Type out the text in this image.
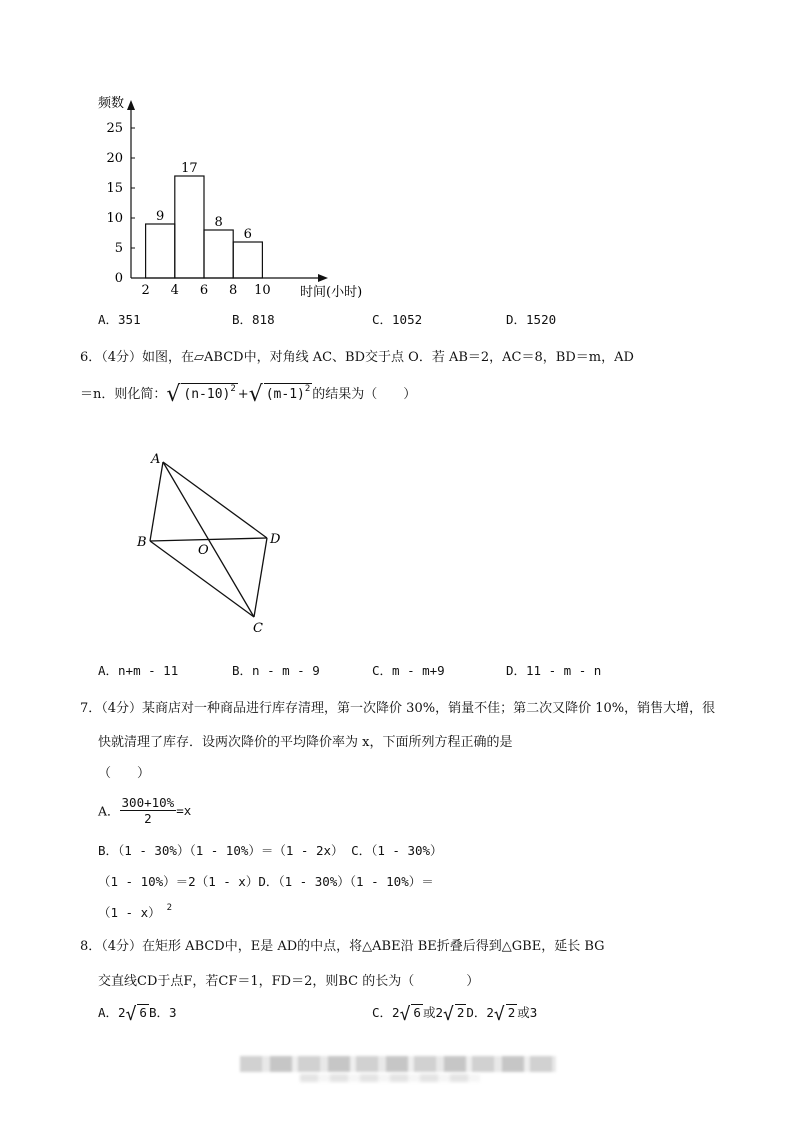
0
5
10
15
20
25
2 4 6 8 10
9
17
8
6
频数
时间(小时)
A．351	B．818	C．1052	D．1520
6．（4分）如图，在▱ABCD中，对角线 AC、BD交于点 O．若 AB＝2，AC＝8，BD＝m，AD
＝n．则化简：√ $(n-10)^2$ +√ $(m-1)^2$ 的结果为（　　）
A
B
O
D
C
A．n+m - 11	B．n - m - 9	C．m - m+9	D．11 - m - n
7．（4分）某商店对一种商品进行库存清理，第一次降价 30%，销量不佳；第二次又降价 10%，销售大增，很
快就清理了库存．设两次降价的平均降价率为 x，下面所列方程正确的是
（　　）
A． $\frac{300+10\%}{2} =x$
B．（1 - 30%）（1 - 10%）＝（1 - 2x） C．（1 - 30%）
（1 - 10%）＝2（1 - x）D．（1 - 30%）（1 - 10%）＝
（1 - x） $^2$
8．（4分）在矩形 ABCD中，E是 AD的中点，将△ABE沿 BE折叠后得到△GBE，延长 BG
交直线CD于点F，若CF＝1，FD＝2，则BC 的长为（　　　　）
A．2√ 6 B．3	C．2√ 6 或2√ 2 D．2√ 2 或3
